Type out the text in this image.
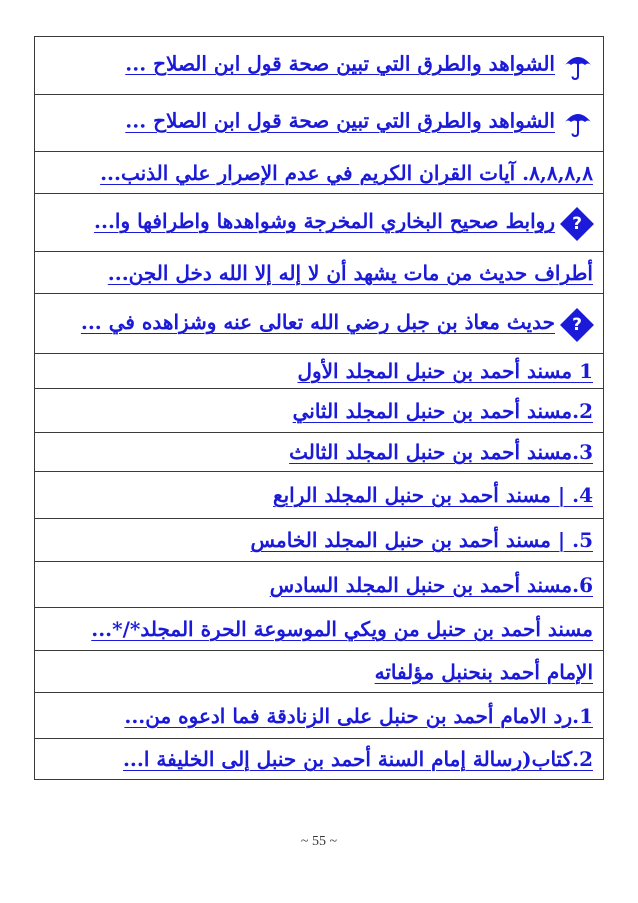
الشواهد والطرق التي تبين صحة قول ابن الصلاح ...

الشواهد والطرق التي تبين صحة قول ابن الصلاح ...
٨,٨,٨,٨. آيات القران الكريم في عدم الإصرار علي الذنب...

?
روابط صحيح البخاري المخرجة وشواهدها واطرافها وا...
أطراف حديث من مات يشهد أن لا إله إلا الله دخل الجن...

?
حديث معاذ بن جبل رضي الله تعالى عنه وشزاهده في ...
1 مسند أحمد بن حنبل المجلد الأول
2.مسند أحمد بن حنبل المجلد الثاني
3.مسند أحمد بن حنبل المجلد الثالث
4. | مسند أحمد بن حنبل المجلد الرابع
5. | مسند أحمد بن حنبل المجلد الخامس
6.مسند أحمد بن حنبل المجلد السادس
مسند أحمد بن حنبل من ويكي الموسوعة الحرة المجلد*/*...
الإمام أحمد بنحنبل مؤلفاته
1.رد الامام أحمد بن حنبل على الزنادقة فما ادعوه من...
2.كتاب(رسالة إمام السنة أحمد بن حنبل إلى الخليفة ا...
~ 55 ~
